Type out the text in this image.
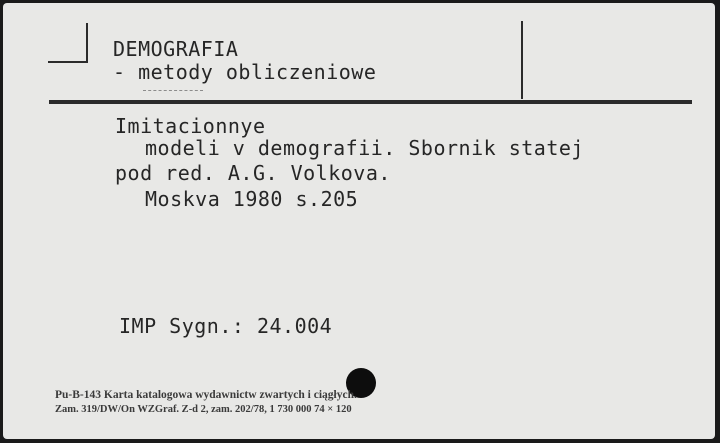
DEMOGRAFIA
- metody obliczeniowe
Imitacionnye
modeli v demografii. Sbornik statej
pod red. A.G. Volkova.
Moskva 1980 s.205
IMP Sygn.: 24.004
Pu-B-143 Karta katalogowa wydawnictw zwartych i ciągłych.
Zam. 319/DW/On WZGraf. Z-d 2, zam. 202/78, 1 730 000 74 × 120
